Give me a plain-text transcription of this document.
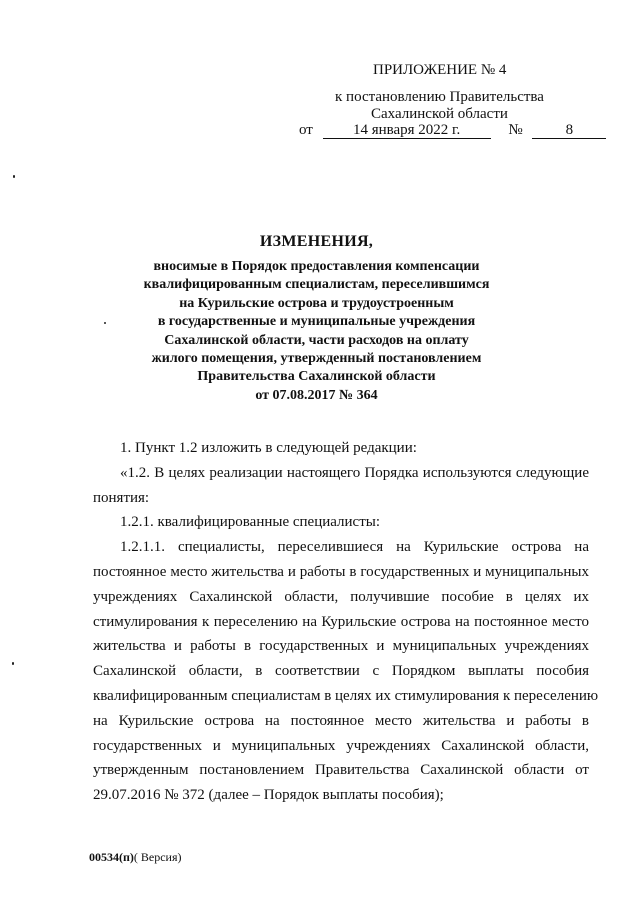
ПРИЛОЖЕНИЕ № 4
к постановлению Правительства
Сахалинской области
от	14 января 2022 г.	№	8
ИЗМЕНЕНИЯ,
вносимые в Порядок предоставления компенсации
квалифицированным специалистам, переселившимся
на Курильские острова и трудоустроенным
в государственные и муниципальные учреждения
Сахалинской области, части расходов на оплату
жилого помещения, утвержденный постановлением
Правительства Сахалинской области
от 07.08.2017 № 364

1. Пункт 1.2 изложить в следующей редакции:

«1.2. В целях реализации настоящего Порядка используются следующие понятия:

1.2.1. квалифицированные специалисты:

1.2.1.1. специалисты, переселившиеся на Курильские острова на
постоянное место жительства и работы в государственных и муниципальных
учреждениях Сахалинской области, получившие пособие в целях их
стимулирования к переселению на Курильские острова на постоянное место
жительства и работы в государственных и муниципальных учреждениях
Сахалинской области, в соответствии с Порядком выплаты пособия
квалифицированным специалистам в целях их стимулирования к переселению
на Курильские острова на постоянное место жительства и работы в
государственных и муниципальных учреждениях Сахалинской области,
утвержденным постановлением Правительства Сахалинской области от
29.07.2016 № 372 (далее – Порядок выплаты пособия);

00534(п)( Версия)
